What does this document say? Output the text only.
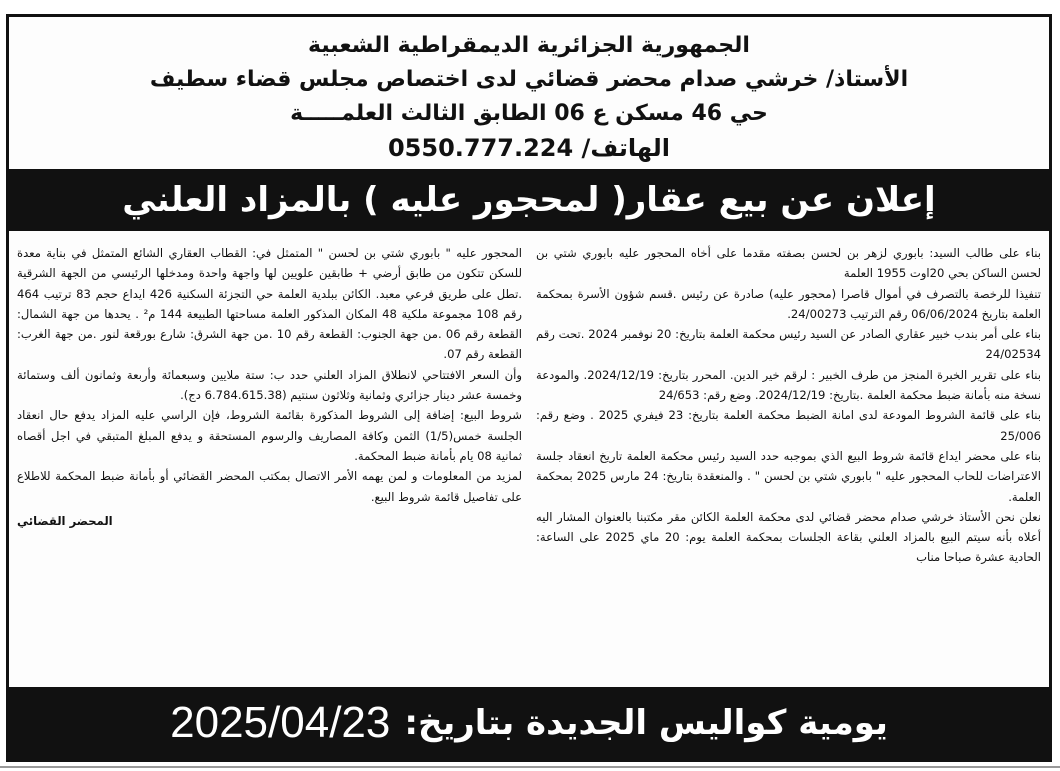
الجمهورية الجزائرية الديمقراطية الشعبية
الأستاذ/ خرشي صدام محضر قضائي لدى اختصاص مجلس قضاء سطيف
حي 46 مسكن ع 06 الطابق الثالث العلمـــــة
الهاتف/ 0550.777.224
إعلان عن بيع عقار( لمحجور عليه ) بالمزاد العلني

بناء على طالب السيد: بابوري لزهر بن لحسن بصفته مقدما على أخاه المحجور عليه بابوري شتي بن لحسن الساكن بحي 20اوت 1955 العلمة

تنفيذا للرخصة بالتصرف في أموال قاصرا (محجور عليه) صادرة عن رئيس .قسم شؤون الأسرة بمحكمة العلمة بتاريخ 06/06/2024 رقم الترتيب 24/00273.

بناء على أمر بندب خبير عقاري الصادر عن السيد رئيس محكمة العلمة بتاريخ: 20 نوفمبر 2024 .تحت رقم 24/02534

بناء على تقرير الخبرة المنجز من طرف الخبير : لرقم خير الدين. المحرر بتاريخ: 2024/12/19. والمودعة نسخة منه بأمانة ضبط محكمة العلمة .بتاريخ: 2024/12/19. وضع رقم: 24/653

بناء على قائمة الشروط المودعة لدى امانة الضبط محكمة العلمة بتاريخ: 23 فيفري 2025 . وضع رقم: 25/006

بناء على محضر ايداع قائمة شروط البيع الذي بموجبه حدد السيد رئيس محكمة العلمة تاريخ انعقاد جلسة الاعتراضات للحاب المحجور عليه " بابوري شتي بن لحسن " . والمنعقدة بتاريخ: 24 مارس 2025 بمحكمة العلمة.

نعلن نحن الأستاذ خرشي صدام محضر قضائي لدى محكمة العلمة الكائن مقر مكتبنا بالعنوان المشار اليه أعلاه بأنه سيتم البيع بالمزاد العلني بقاعة الجلسات بمحكمة العلمة يوم: 20 ماي 2025 على الساعة: الحادية عشرة صباحا مناب

المحجور عليه " بابوري شتي بن لحسن " المتمثل في: القطاب العقاري الشائع المتمثل في بناية معدة للسكن تتكون من طابق أرضي + طابقين علويين لها واجهة واحدة ومدخلها الرئيسي من الجهة الشرقية .تطل على طريق فرعي معبد. الكائن ببلدية العلمة حي التجزئة السكنية 426 ايداع حجم 83 ترتيب 464 رقم 108 مجموعة ملكية 48 المكان المذكور العلمة مساحتها الطبيعة 144 م² . يحدها من جهة الشمال: القطعة رقم 06 .من جهة الجنوب: القطعة رقم 10 .من جهة الشرق: شارع بورقعة لنور .من جهة الغرب: القطعة رقم 07.

وأن السعر الافتتاحي لانطلاق المزاد العلني حدد ب: ستة ملايين وسبعمائة وأربعة وثمانون ألف وستمائة وخمسة عشر دينار جزائري وثمانية وثلاثون سنتيم (6.784.615.38 دج).

شروط البيع: إضافة إلى الشروط المذكورة بقائمة الشروط، فإن الراسي عليه المزاد يدفع حال انعقاد الجلسة خمس(1/5) الثمن وكافة المصاريف والرسوم المستحقة و يدفع المبلغ المتبقي في اجل أقصاه ثمانية 08 يام بأمانة ضبط المحكمة.

لمزيد من المعلومات و لمن يهمه الأمر الاتصال بمكتب المحضر القضائي أو بأمانة ضبط المحكمة للاطلاع على تفاصيل قائمة شروط البيع.

المحضر القضائي
يومية كواليس الجديدة بتاريخ:
2025/04/23
